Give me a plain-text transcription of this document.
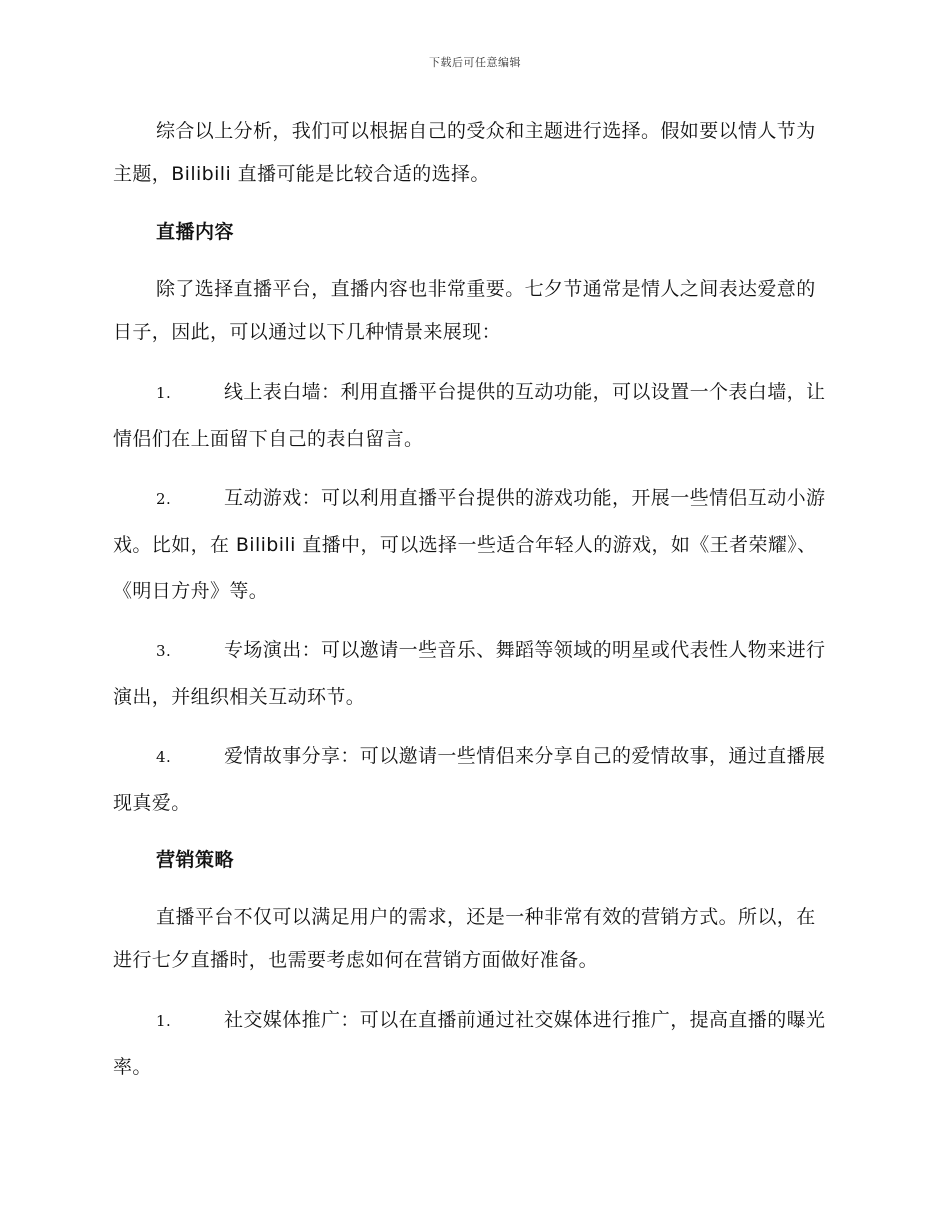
下载后可任意编辑

综合以上分析，我们可以根据自己的受众和主题进行选择。假如要以情人节为主题，Bilibili 直播可能是比较合适的选择。

直播内容

除了选择直播平台，直播内容也非常重要。七夕节通常是情人之间表达爱意的日子，因此，可以通过以下几种情景来展现：

1.	线上表白墙：利用直播平台提供的互动功能，可以设置一个表白墙，让情侣们在上面留下自己的表白留言。
2.	互动游戏：可以利用直播平台提供的游戏功能，开展一些情侣互动小游戏。比如，在 Bilibili 直播中，可以选择一些适合年轻人的游戏，如《王者荣耀》、《明日方舟》等。
3.	专场演出：可以邀请一些音乐、舞蹈等领域的明星或代表性人物来进行演出，并组织相关互动环节。
4.	爱情故事分享：可以邀请一些情侣来分享自己的爱情故事，通过直播展现真爱。
营销策略

直播平台不仅可以满足用户的需求，还是一种非常有效的营销方式。所以，在进行七夕直播时，也需要考虑如何在营销方面做好准备。

1.	社交媒体推广：可以在直播前通过社交媒体进行推广，提高直播的曝光率。
